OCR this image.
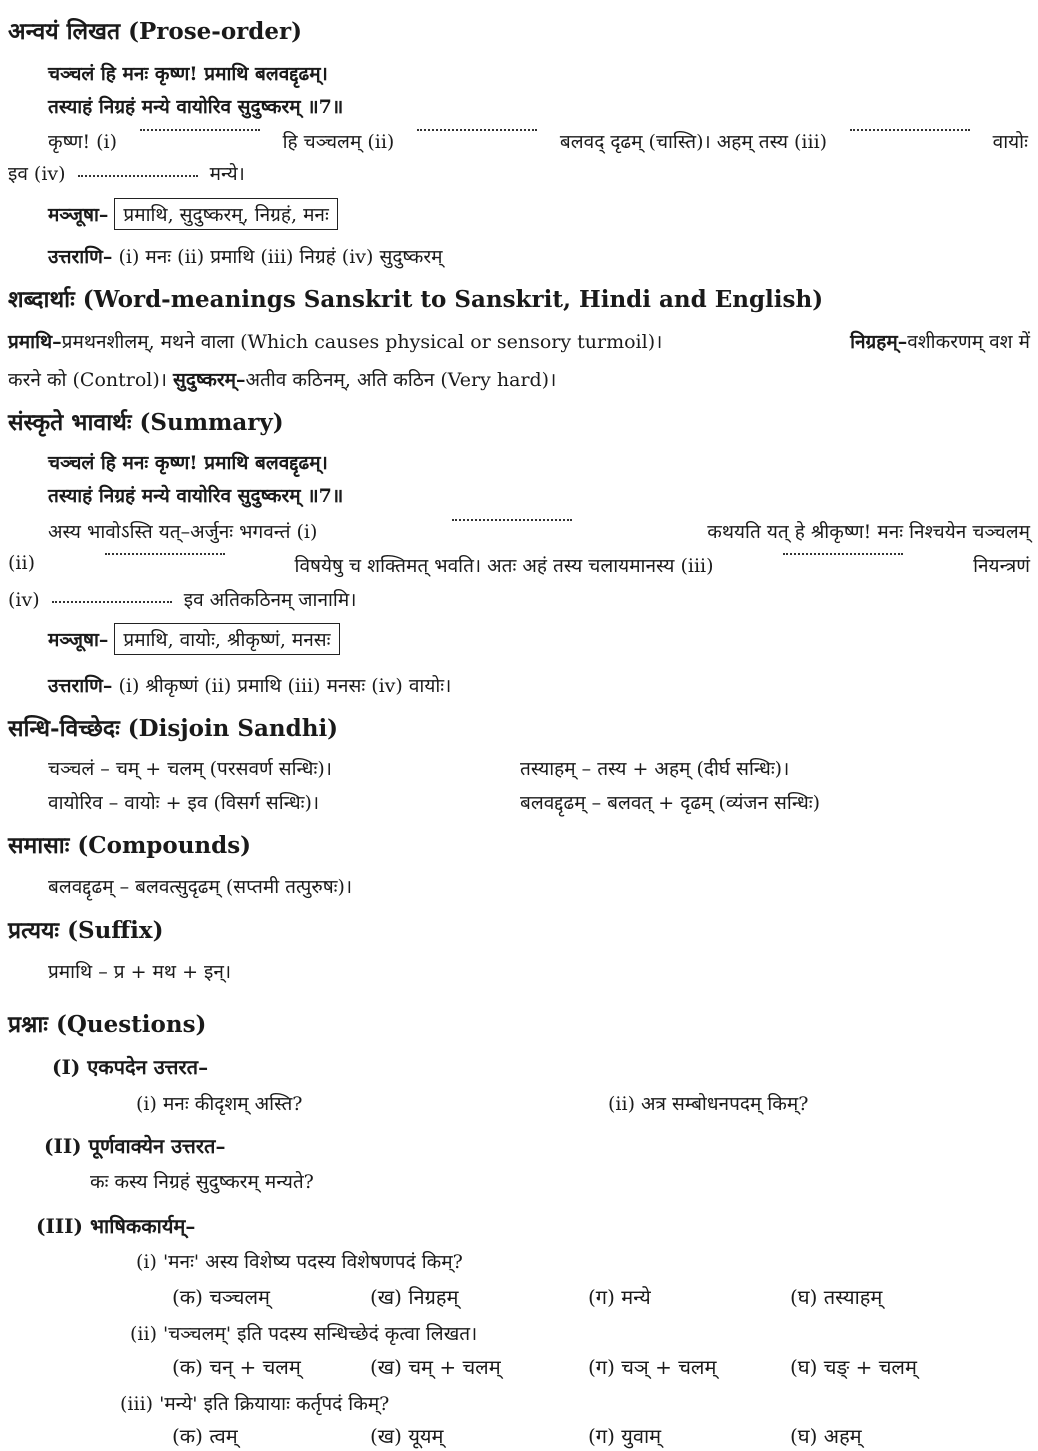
अन्वयं लिखत (Prose-order)
चञ्चलं हि मनः कृष्ण! प्रमाथि बलवद्दृढम्।
तस्याहं निग्रहं मन्ये वायोरिव सुदुष्करम् ॥7॥
कृष्ण! (i)	हि चञ्चलम् (ii)	बलवद् दृढम् (चास्ति)। अहम् तस्य (iii)	वायोः
इव (iv)	मन्ये।
मञ्जूषा– प्रमाथि, सुदुष्करम्, निग्रहं, मनः
उत्तराणि– (i) मनः (ii) प्रमाथि (iii) निग्रहं (iv) सुदुष्करम्
शब्दार्थाः (Word-meanings Sanskrit to Sanskrit, Hindi and English)
प्रमाथि–प्रमथनशीलम्, मथने वाला (Which causes physical or sensory turmoil)।	निग्रहम्–वशीकरणम् वश में
करने को (Control)। सुदुष्करम्–अतीव कठिनम्, अति कठिन (Very hard)।
संस्कृते भावार्थः (Summary)
चञ्चलं हि मनः कृष्ण! प्रमाथि बलवद्दृढम्।
तस्याहं निग्रहं मन्ये वायोरिव सुदुष्करम् ॥7॥
अस्य भावोऽस्ति यत्–अर्जुनः भगवन्तं (i)	कथयति यत् हे श्रीकृष्ण! मनः निश्चयेन चञ्चलम्
(ii)	विषयेषु च शक्तिमत् भवति। अतः अहं तस्य चलायमानस्य (iii)	नियन्त्रणं
(iv)	इव अतिकठिनम् जानामि।
मञ्जूषा– प्रमाथि, वायोः, श्रीकृष्णं, मनसः
उत्तराणि– (i) श्रीकृष्णं (ii) प्रमाथि (iii) मनसः (iv) वायोः।
सन्धि-विच्छेदः (Disjoin Sandhi)
चञ्चलं – चम् + चलम् (परसवर्ण सन्धिः)।	तस्याहम् – तस्य + अहम् (दीर्घ सन्धिः)।
वायोरिव – वायोः + इव (विसर्ग सन्धिः)।	बलवद्दृढम् – बलवत् + दृढम् (व्यंजन सन्धिः)
समासाः (Compounds)
बलवद्दृढम् – बलवत्सुदृढम् (सप्तमी तत्पुरुषः)।
प्रत्ययः (Suffix)
प्रमाथि – प्र + मथ + इन्।
प्रश्नाः (Questions)
(I) एकपदेन उत्तरत–
(i) मनः कीदृशम् अस्ति?	(ii) अत्र सम्बोधनपदम् किम्?
(II) पूर्णवाक्येन उत्तरत–
कः कस्य निग्रहं सुदुष्करम् मन्यते?
(III) भाषिककार्यम्–
(i) 'मनः' अस्य विशेष्य पदस्य विशेषणपदं किम्?
(क) चञ्चलम्	(ख) निग्रहम्	(ग) मन्ये	(घ) तस्याहम्
(ii) 'चञ्चलम्' इति पदस्य सन्धिच्छेदं कृत्वा लिखत।
(क) चन् + चलम्	(ख) चम् + चलम्	(ग) चञ् + चलम्	(घ) चङ् + चलम्
(iii) 'मन्ये' इति क्रियायाः कर्तृपदं किम्?
(क) त्वम्	(ख) यूयम्	(ग) युवाम्	(घ) अहम्
